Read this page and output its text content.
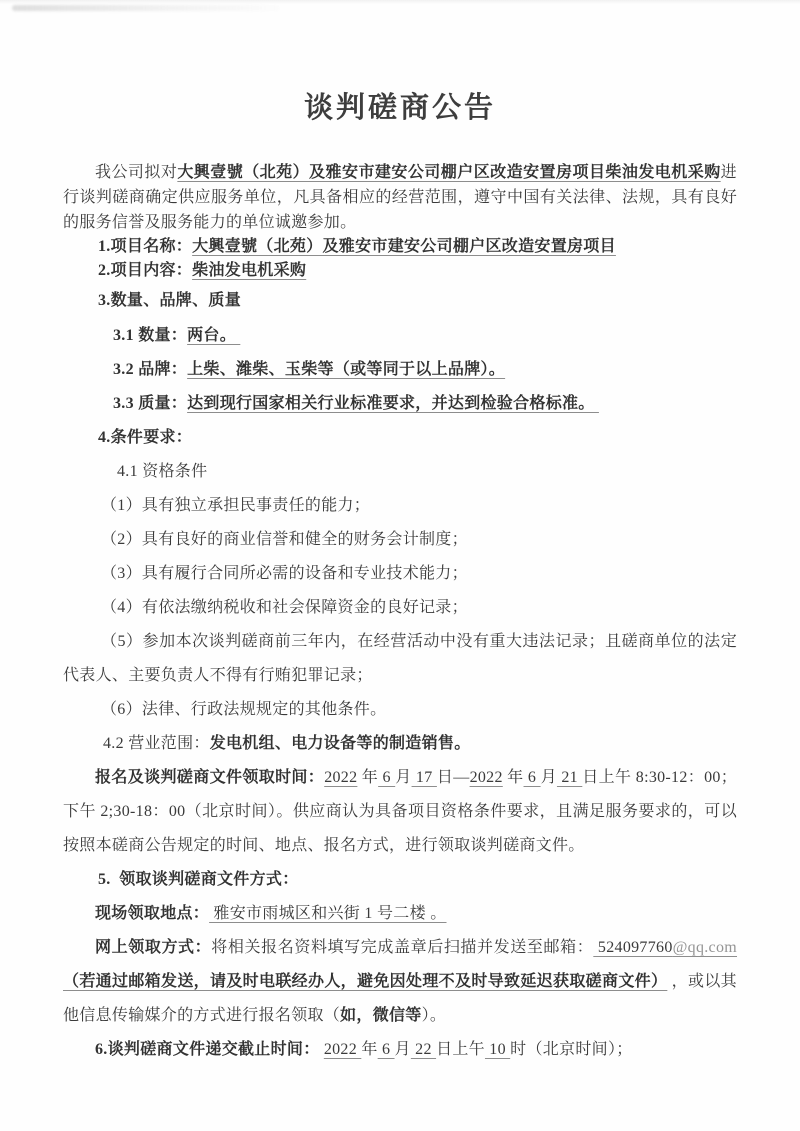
谈判磋商公告

我公司拟对大興壹號（北苑）及雅安市建安公司棚户区改造安置房项目柴油发电机采购进行谈判磋商确定供应服务单位，凡具备相应的经营范围，遵守中国有关法律、法规，具有良好的服务信誉及服务能力的单位诚邀参加。

1.项目名称：大興壹號（北苑）及雅安市建安公司棚户区改造安置房项目

2.项目内容：柴油发电机采购

3.数量、品牌、质量

3.1 数量：两台。

3.2 品牌：上柴、潍柴、玉柴等（或等同于以上品牌）。

3.3 质量：达到现行国家相关行业标准要求，并达到检验合格标准。

4.条件要求：

4.1 资格条件

（1）具有独立承担民事责任的能力；

（2）具有良好的商业信誉和健全的财务会计制度；

（3）具有履行合同所必需的设备和专业技术能力；

（4）有依法缴纳税收和社会保障资金的良好记录；

（5）参加本次谈判磋商前三年内，在经营活动中没有重大违法记录；且磋商单位的法定代表人、主要负责人不得有行贿犯罪记录；

（6）法律、行政法规规定的其他条件。

4.2 营业范围：发电机组、电力设备等的制造销售。

报名及谈判磋商文件领取时间：2022 年 6 月 17 日—2022 年 6 月 21 日上午 8:30-12：00；下午 2;30-18：00（北京时间）。供应商认为具备项目资格条件要求，且满足服务要求的，可以按照本磋商公告规定的时间、地点、报名方式，进行领取谈判磋商文件。

5.  领取谈判磋商文件方式：

现场领取地点： 雅安市雨城区和兴街 1 号二楼 。

网上领取方式：将相关报名资料填写完成盖章后扫描并发送至邮箱： 524097760@qq.com（若通过邮箱发送，请及时电联经办人，避免因处理不及时导致延迟获取磋商文件） ，或以其他信息传输媒介的方式进行报名领取（如，微信等）。

6.谈判磋商文件递交截止时间： 2022 年 6 月 22 日上午 10 时（北京时间）；
